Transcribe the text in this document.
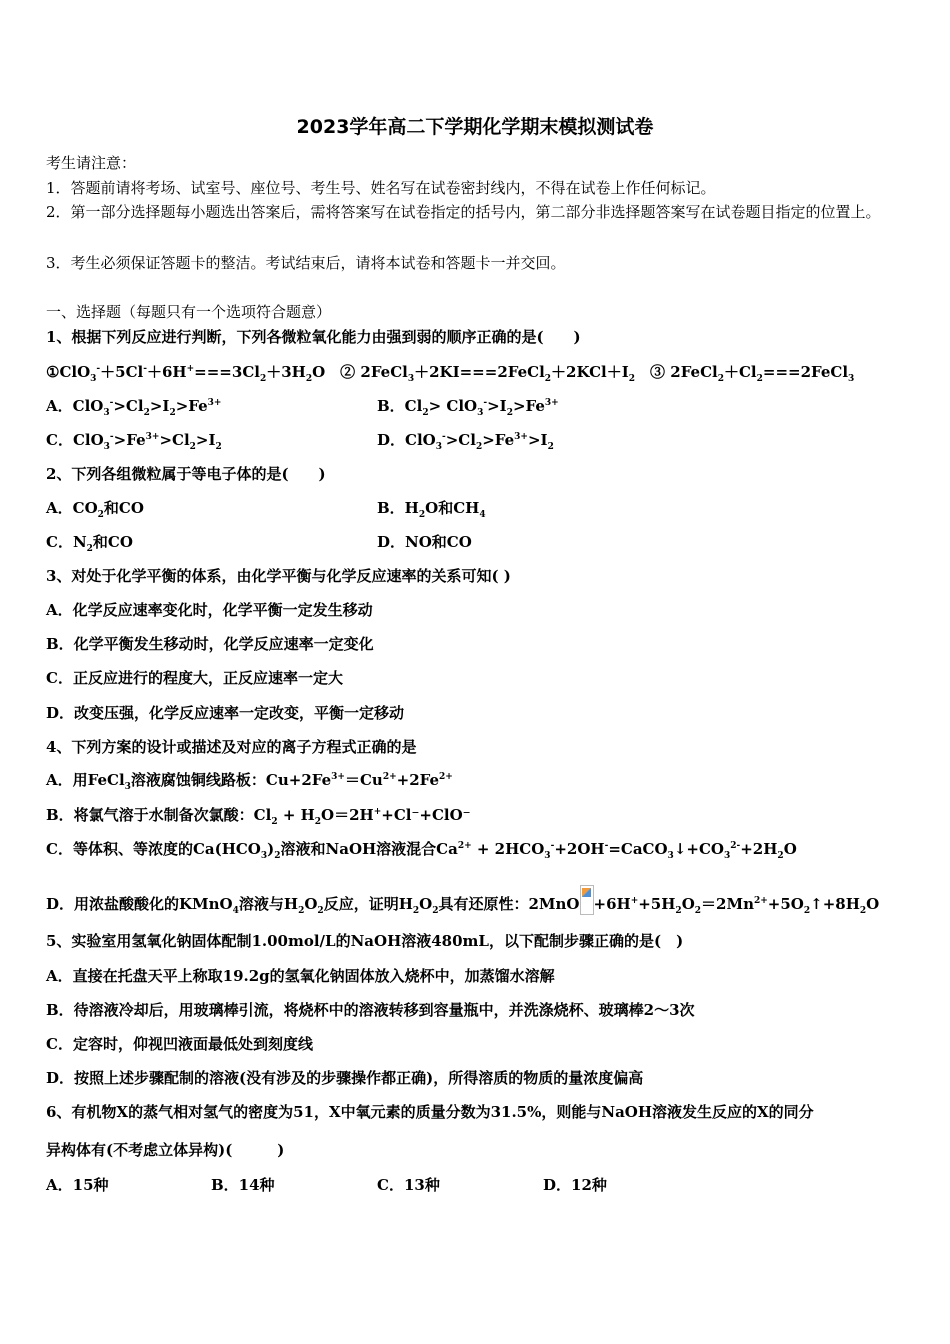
2023学年高二下学期化学期末模拟测试卷
考生请注意：
1．答题前请将考场、试室号、座位号、考生号、姓名写在试卷密封线内，不得在试卷上作任何标记。
2．第一部分选择题每小题选出答案后，需将答案写在试卷指定的括号内，第二部分非选择题答案写在试卷题目指定的位置上。
3．考生必须保证答题卡的整洁。考试结束后，请将本试卷和答题卡一并交回。
一、选择题（每题只有一个选项符合题意）
1、根据下列反应进行判断，下列各微粒氧化能力由强到弱的顺序正确的是(　　)
$①ClO_3^-+5Cl^-+6H^+===3Cl_2+3H_2O$　② $2FeCl_3+2KI===2FeCl_2+2KCl+I_2$　③ $2FeCl_2+Cl_2===2FeCl_3$
A．$ClO_3^->Cl_2>I_2>Fe^{3+}$	B．$Cl_2> ClO_3^->I_2>Fe^{3+}$
C．$ClO_3^->Fe^{3+}>Cl_2>I_2$	D．$ClO_3^->Cl_2>Fe^{3+}>I_2$
2、下列各组微粒属于等电子体的是(　　)
A．$CO_2$和CO	B．$H_2O$和$CH_4$
C．$N_2$和CO	D．NO和CO
3、对处于化学平衡的体系，由化学平衡与化学反应速率的关系可知( )
A．化学反应速率变化时，化学平衡一定发生移动
B．化学平衡发生移动时，化学反应速率一定变化
C．正反应进行的程度大，正反应速率一定大
D．改变压强，化学反应速率一定改变，平衡一定移动
4、下列方案的设计或描述及对应的离子方程式正确的是
A．用FeCl$_3$溶液腐蚀铜线路板：$Cu+2Fe^{3+}=Cu^{2+}+2Fe^{2+}$
B．将氯气溶于水制备次氯酸：$Cl_2 + H_2O=2H^++Cl^-+ClO^-$
C．等体积、等浓度的$Ca(HCO_3)_2$溶液和NaOH溶液混合$Ca^{2+}$ + $2HCO_3^-+2OH^-=CaCO_3↓+CO_3^{2-}+2H_2O$
D．用浓盐酸酸化的KMnO$_4$溶液与$H_2O_2$反应，证明$H_2O_2$具有还原性：$2MnO +6H^++5H_2O_2=2Mn^{2+}+5O_2↑+8H_2O$
5、实验室用氢氧化钠固体配制1.00mol/L的NaOH溶液480mL，以下配制步骤正确的是(　)
A．直接在托盘天平上称取19.2g的氢氧化钠固体放入烧杯中，加蒸馏水溶解
B．待溶液冷却后，用玻璃棒引流，将烧杯中的溶液转移到容量瓶中，并洗涤烧杯、玻璃棒2～3次
C．定容时，仰视凹液面最低处到刻度线
D．按照上述步骤配制的溶液(没有涉及的步骤操作都正确)，所得溶质的物质的量浓度偏高
6、有机物X的蒸气相对氢气的密度为51，X中氧元素的质量分数为31.5%，则能与NaOH溶液发生反应的X的同分
异构体有(不考虑立体异构)(　　　)
A．15种	B．14种	C．13种	D．12种
